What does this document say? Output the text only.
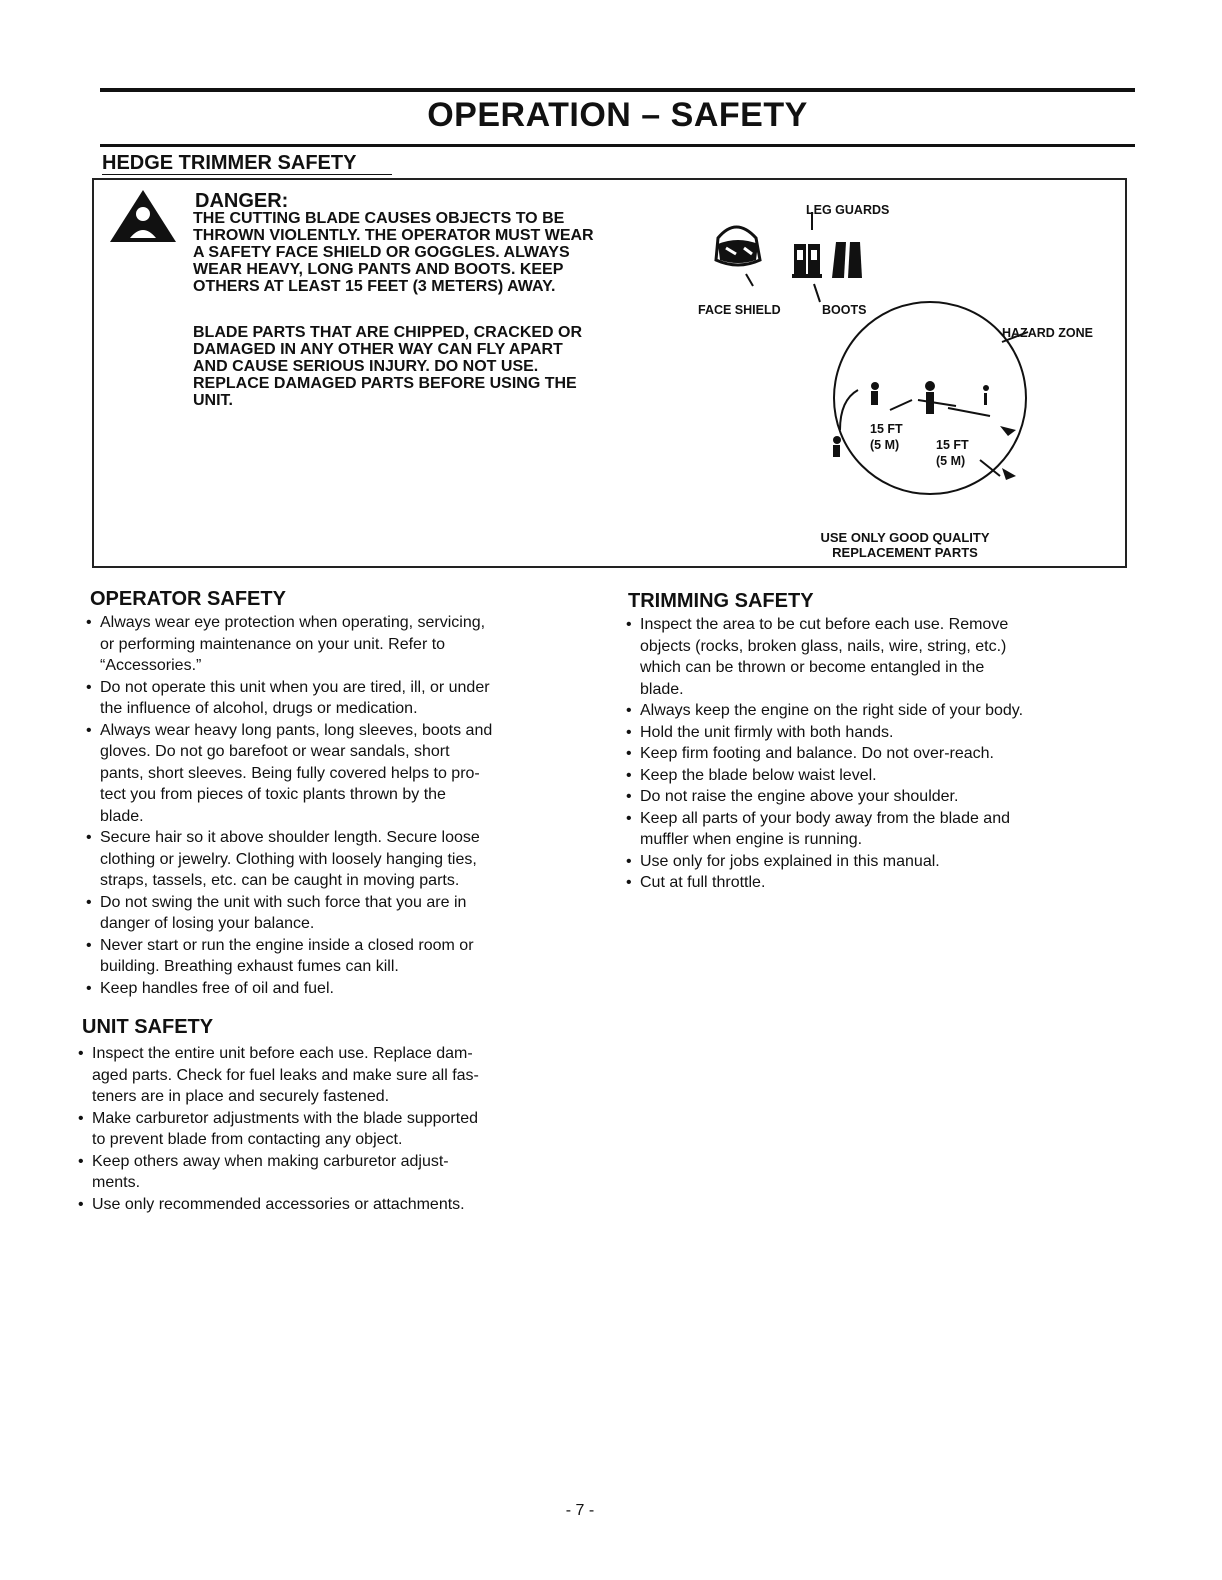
OPERATION – SAFETY
HEDGE TRIMMER SAFETY
DANGER:
THE CUTTING BLADE CAUSES OBJECTS TO BE
THROWN VIOLENTLY. THE OPERATOR MUST WEAR
A SAFETY FACE SHIELD OR GOGGLES. ALWAYS
WEAR HEAVY, LONG PANTS AND BOOTS. KEEP
OTHERS AT LEAST 15 FEET (3 METERS) AWAY.
BLADE PARTS THAT ARE CHIPPED, CRACKED OR
DAMAGED IN ANY OTHER WAY CAN FLY APART
AND CAUSE SERIOUS INJURY. DO NOT USE.
REPLACE DAMAGED PARTS BEFORE USING THE
UNIT.
LEG GUARDS
FACE SHIELD	BOOTS
HAZARD ZONE
15 FT
(5 M)	15 FT
(5 M)
USE ONLY GOOD QUALITY
REPLACEMENT PARTS
OPERATOR SAFETY
• Always wear eye protection when operating, servicing,
or performing maintenance on your unit. Refer to
“Accessories.”
• Do not operate this unit when you are tired, ill, or under
the influence of alcohol, drugs or medication.
• Always wear heavy long pants, long sleeves, boots and
gloves. Do not go barefoot or wear sandals, short
pants, short sleeves. Being fully covered helps to pro-
tect you from pieces of toxic plants thrown by the
blade.
• Secure hair so it above shoulder length. Secure loose
clothing or jewelry. Clothing with loosely hanging ties,
straps, tassels, etc. can be caught in moving parts.
• Do not swing the unit with such force that you are in
danger of losing your balance.
• Never start or run the engine inside a closed room or
building. Breathing exhaust fumes can kill.
• Keep handles free of oil and fuel.
UNIT SAFETY
• Inspect the entire unit before each use. Replace dam-
aged parts. Check for fuel leaks and make sure all fas-
teners are in place and securely fastened.
• Make carburetor adjustments with the blade supported
to prevent blade from contacting any object.
• Keep others away when making carburetor adjust-
ments.
• Use only recommended accessories or attachments.
TRIMMING SAFETY
• Inspect the area to be cut before each use. Remove
objects (rocks, broken glass, nails, wire, string, etc.)
which can be thrown or become entangled in the
blade.
• Always keep the engine on the right side of your body.
• Hold the unit firmly with both hands.
• Keep firm footing and balance. Do not over-reach.
• Keep the blade below waist level.
• Do not raise the engine above your shoulder.
• Keep all parts of your body away from the blade and
muffler when engine is running.
• Use only for jobs explained in this manual.
• Cut at full throttle.
- 7 -
